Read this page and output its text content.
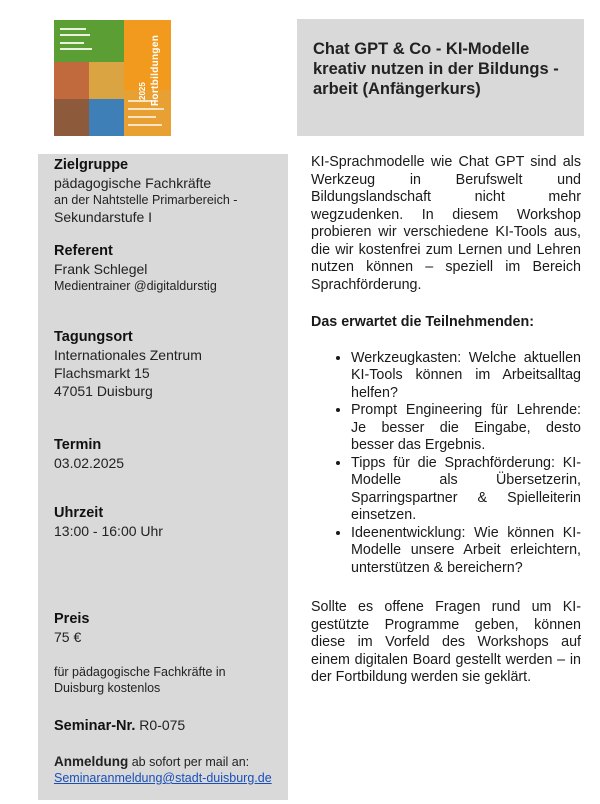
Fortbildungen
2025
Chat GPT & Co - KI-Modelle kreativ nutzen in der Bildungs - arbeit (Anfängerkurs)
Zielgruppe
pädagogische Fachkräfte
an der Nahtstelle Primarbereich -
Sekundarstufe I
Referent
Frank Schlegel
Medientrainer @digitaldurstig
Tagungsort
Internationales Zentrum
Flachsmarkt 15
47051 Duisburg
Termin
03.02.2025
Uhrzeit
13:00 - 16:00 Uhr
Preis
75 €
für pädagogische Fachkräfte in
Duisburg kostenlos
Seminar-Nr. R0-075
Anmeldung ab sofort per mail an:
Seminaranmeldung@stadt-duisburg.de

KI-Sprachmodelle wie Chat GPT sind als Werkzeug in Berufswelt und Bildungslandschaft nicht mehr wegzudenken. In diesem Workshop probieren wir verschiedene KI-Tools aus, die wir kostenfrei zum Lernen und Lehren nutzen können – speziell im Bereich Sprachförderung.

Das erwartet die Teilnehmenden:
• Werkzeugkasten: Welche aktuellen KI-Tools können im Arbeitsalltag helfen?
• Prompt Engineering für Lehrende: Je besser die Eingabe, desto besser das Ergebnis.
• Tipps für die Sprachförderung: KI-Modelle als Übersetzerin, Sparringspartner & Spielleiterin einsetzen.
• Ideenentwicklung: Wie können KI-Modelle unsere Arbeit erleichtern, unterstützen & bereichern?

Sollte es offene Fragen rund um KI-gestützte Programme geben, können diese im Vorfeld des Workshops auf einem digitalen Board gestellt werden – in der Fortbildung werden sie geklärt.
